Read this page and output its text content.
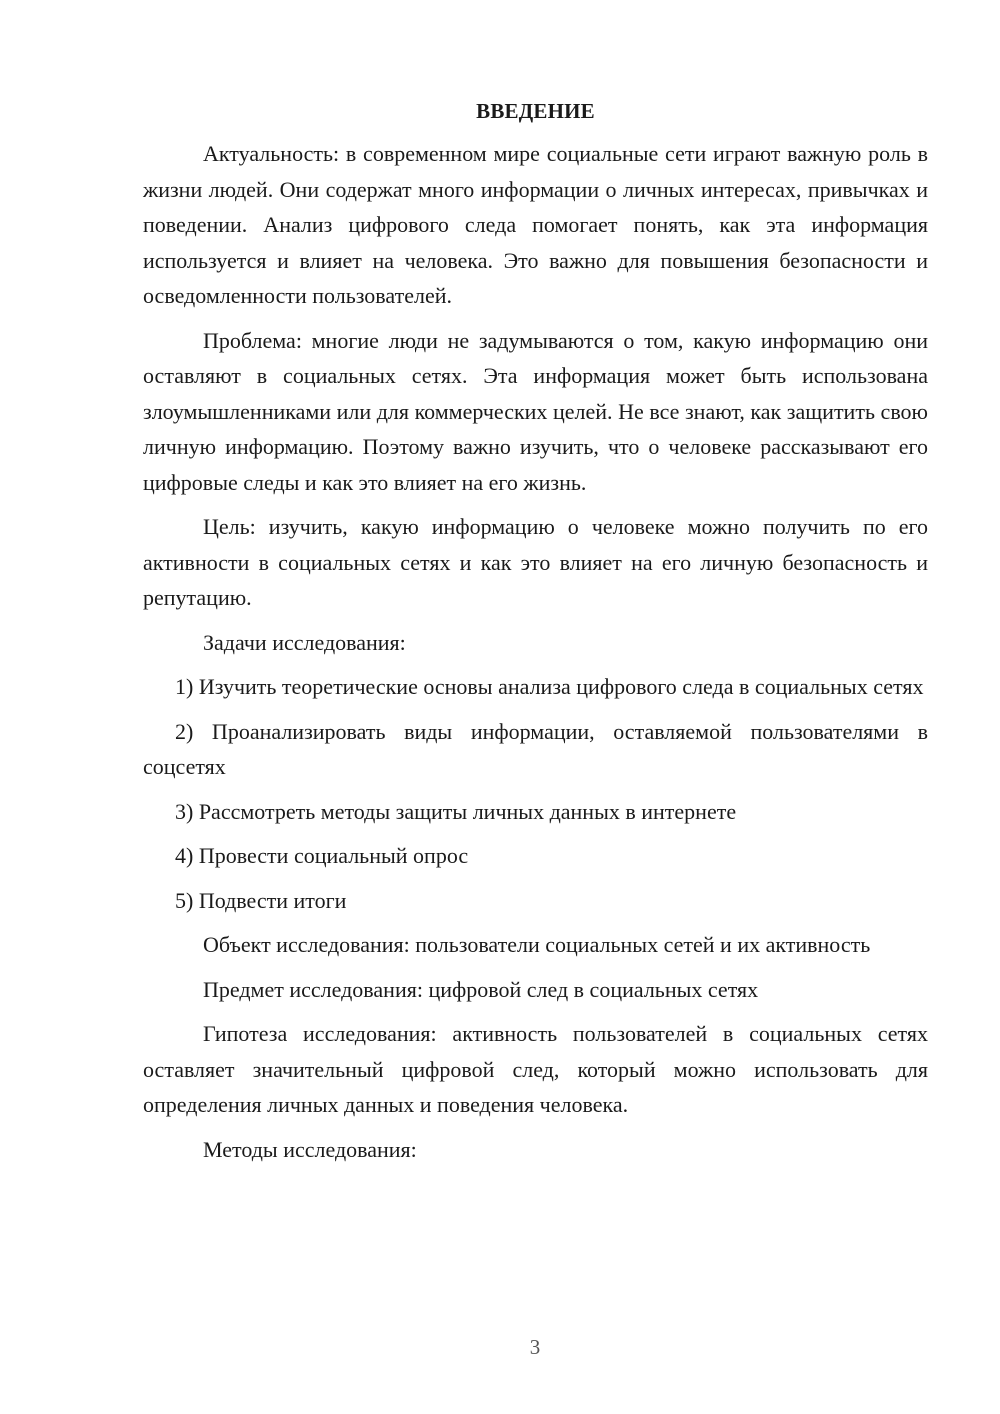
ВВЕДЕНИЕ

Актуальность: в современном мире социальные сети играют важную роль в жизни людей. Они содержат много информации о личных интересах, привычках и поведении. Анализ цифрового следа помогает понять, как эта информация используется и влияет на человека. Это важно для повышения безопасности и осведомленности пользователей.

Проблема: многие люди не задумываются о том, какую информацию они оставляют в социальных сетях. Эта информация может быть использована злоумышленниками или для коммерческих целей. Не все знают, как защитить свою личную информацию. Поэтому важно изучить, что о человеке рассказывают его цифровые следы и как это влияет на его жизнь.

Цель: изучить, какую информацию о человеке можно получить по его активности в социальных сетях и как это влияет на его личную безопасность и репутацию.

Задачи исследования:

1) Изучить теоретические основы анализа цифрового следа в социальных сетях

2) Проанализировать виды информации, оставляемой пользователями в соцсетях

3) Рассмотреть методы защиты личных данных в интернете

4) Провести социальный опрос

5) Подвести итоги

Объект исследования: пользователи социальных сетей и их активность

Предмет исследования: цифровой след в социальных сетях

Гипотеза исследования: активность пользователей в социальных сетях оставляет значительный цифровой след, который можно использовать для определения личных данных и поведения человека.

Методы исследования:

3
